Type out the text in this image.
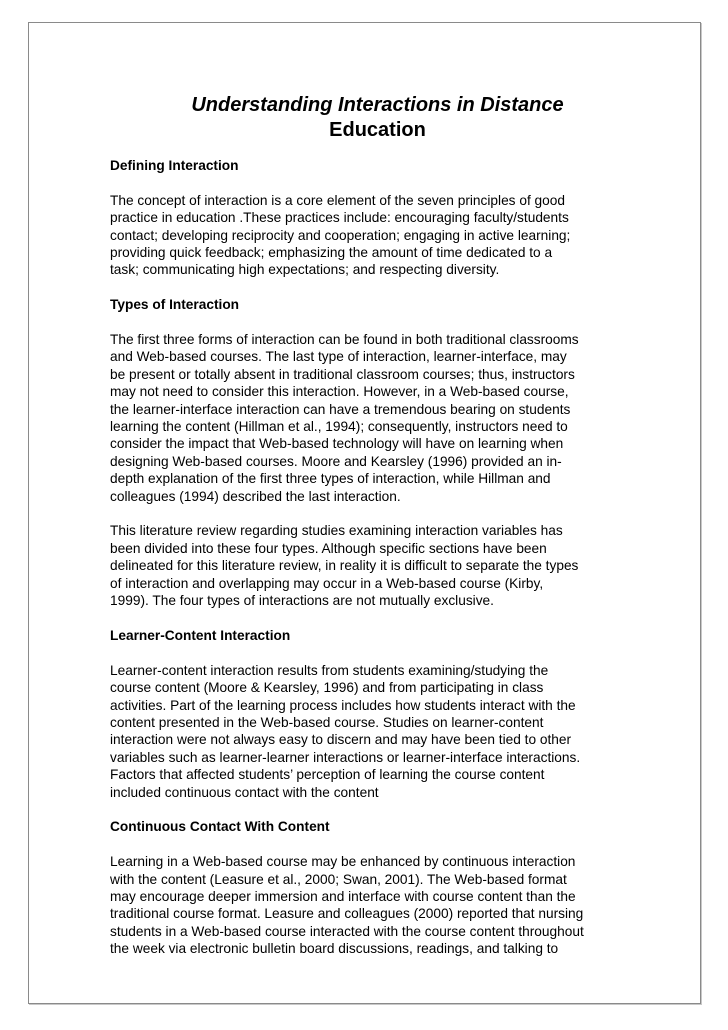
Understanding Interactions in Distance
Education
Defining Interaction
The concept of interaction is a core element of the seven principles of good
practice in education .These practices include: encouraging faculty/students
contact; developing reciprocity and cooperation; engaging in active learning;
providing quick feedback; emphasizing the amount of time dedicated to a
task; communicating high expectations; and respecting diversity.
Types of Interaction
The first three forms of interaction can be found in both traditional classrooms
and Web-based courses. The last type of interaction, learner-interface, may
be present or totally absent in traditional classroom courses; thus, instructors
may not need to consider this interaction. However, in a Web-based course,
the learner-interface interaction can have a tremendous bearing on students
learning the content (Hillman et al., 1994); consequently, instructors need to
consider the impact that Web-based technology will have on learning when
designing Web-based courses. Moore and Kearsley (1996) provided an in-
depth explanation of the first three types of interaction, while Hillman and
colleagues (1994) described the last interaction.
This literature review regarding studies examining interaction variables has
been divided into these four types. Although specific sections have been
delineated for this literature review, in reality it is difficult to separate the types
of interaction and overlapping may occur in a Web-based course (Kirby,
1999). The four types of interactions are not mutually exclusive.
Learner-Content Interaction
Learner-content interaction results from students examining/studying the
course content (Moore & Kearsley, 1996) and from participating in class
activities. Part of the learning process includes how students interact with the
content presented in the Web-based course. Studies on learner-content
interaction were not always easy to discern and may have been tied to other
variables such as learner-learner interactions or learner-interface interactions.
Factors that affected students’ perception of learning the course content
included continuous contact with the content
Continuous Contact With Content
Learning in a Web-based course may be enhanced by continuous interaction
with the content (Leasure et al., 2000; Swan, 2001). The Web-based format
may encourage deeper immersion and interface with course content than the
traditional course format. Leasure and colleagues (2000) reported that nursing
students in a Web-based course interacted with the course content throughout
the week via electronic bulletin board discussions, readings, and talking to
